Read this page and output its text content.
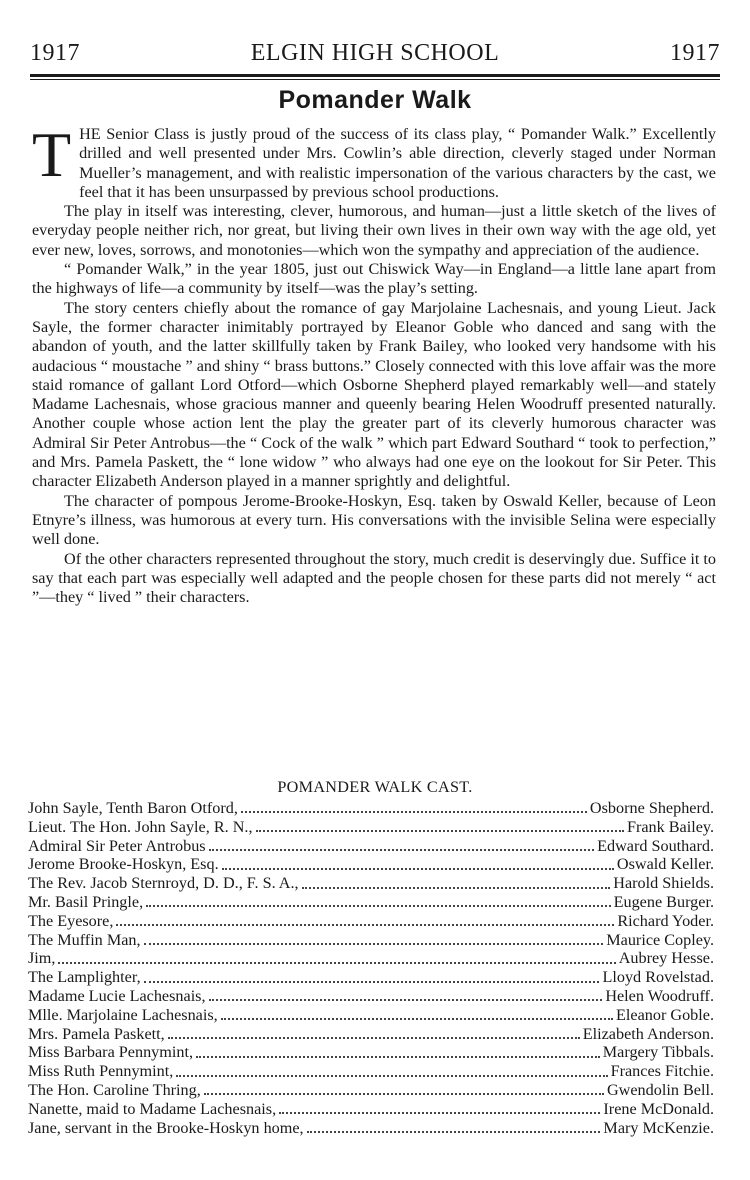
1917	ELGIN HIGH SCHOOL	1917
Pomander Walk

THE Senior Class is justly proud of the success of its class play, “ Pomander Walk.” Excellently drilled and well presented under Mrs. Cowlin’s able direction, cleverly staged under Norman Mueller’s management, and with realistic impersonation of the various characters by the cast, we feel that it has been unsurpassed by previous school productions.

The play in itself was interesting, clever, humorous, and human—just a little sketch of the lives of everyday people neither rich, nor great, but living their own lives in their own way with the age old, yet ever new, loves, sorrows, and monotonies—which won the sympathy and appreciation of the audience.

“ Pomander Walk,” in the year 1805, just out Chiswick Way—in England—a little lane apart from the highways of life—a community by itself—was the play’s setting.

The story centers chiefly about the romance of gay Marjolaine Lachesnais, and young Lieut. Jack Sayle, the former character inimitably portrayed by Eleanor Goble who danced and sang with the abandon of youth, and the latter skillfully taken by Frank Bailey, who looked very handsome with his audacious “ moustache ” and shiny “ brass buttons.” Closely connected with this love affair was the more staid romance of gallant Lord Otford—which Osborne Shepherd played remarkably well—and stately Madame Lachesnais, whose gracious manner and queenly bearing Helen Woodruff presented naturally. Another couple whose action lent the play the greater part of its cleverly humorous character was Admiral Sir Peter Antrobus—the “ Cock of the walk ” which part Edward Southard “ took to perfection,” and Mrs. Pamela Paskett, the “ lone widow ” who always had one eye on the lookout for Sir Peter. This character Elizabeth Anderson played in a manner sprightly and delightful.

The character of pompous Jerome-Brooke-Hoskyn, Esq. taken by Oswald Keller, because of Leon Etnyre’s illness, was humorous at every turn. His conversations with the invisible Selina were especially well done.

Of the other characters represented throughout the story, much credit is deservingly due. Suffice it to say that each part was especially well adapted and the people chosen for these parts did not merely “ act ”—they “ lived ” their characters.

POMANDER WALK CAST.
John Sayle, Tenth Baron Otford,	Osborne Shepherd.
Lieut. The Hon. John Sayle, R. N.,	Frank Bailey.
Admiral Sir Peter Antrobus	Edward Southard.
Jerome Brooke-Hoskyn, Esq.	Oswald Keller.
The Rev. Jacob Sternroyd, D. D., F. S. A.,	Harold Shields.
Mr. Basil Pringle,	Eugene Burger.
The Eyesore,	Richard Yoder.
The Muffin Man,	Maurice Copley.
Jim,	Aubrey Hesse.
The Lamplighter,	Lloyd Rovelstad.
Madame Lucie Lachesnais,	Helen Woodruff.
Mlle. Marjolaine Lachesnais,	Eleanor Goble.
Mrs. Pamela Paskett,	Elizabeth Anderson.
Miss Barbara Pennymint,	Margery Tibbals.
Miss Ruth Pennymint,	Frances Fitchie.
The Hon. Caroline Thring,	Gwendolin Bell.
Nanette, maid to Madame Lachesnais,	Irene McDonald.
Jane, servant in the Brooke-Hoskyn home,	Mary McKenzie.
